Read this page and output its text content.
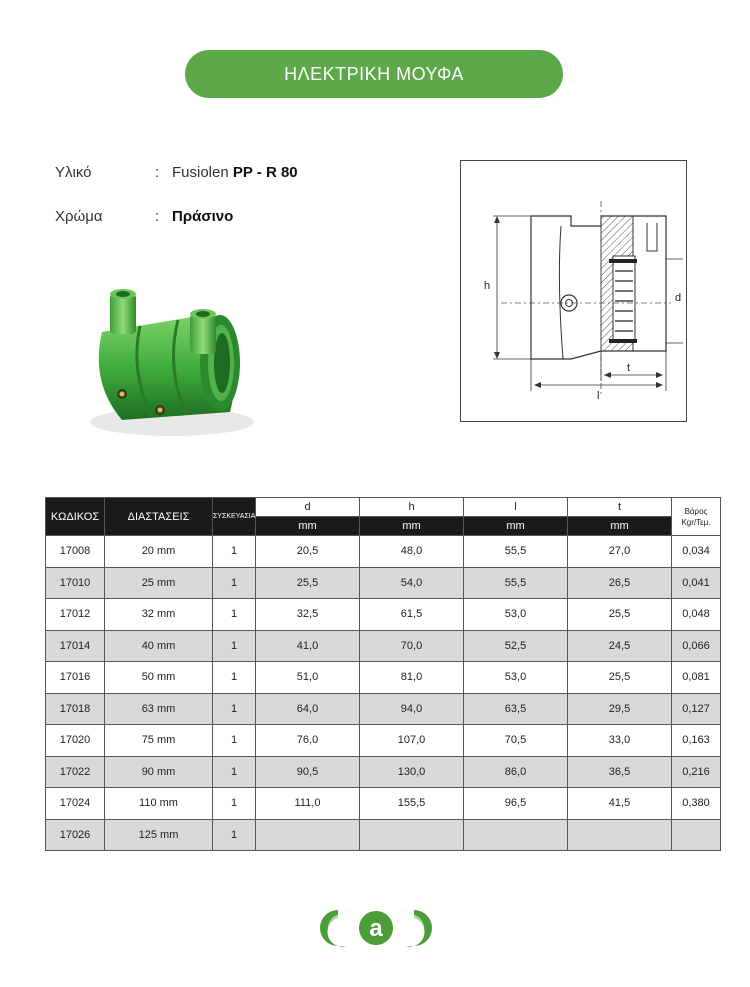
ΗΛΕΚΤΡΙΚΗ ΜΟΥΦΑ
Υλικό	: Fusiolen PP - R 80
Χρώμα	: Πράσινο
h
d
t
l
ΚΩΔΙΚΟΣ	ΔΙΑΣΤΑΣΕΙΣ	ΣΥΣΚΕΥΑΣΙΑ	d	h	l	t	Βάρος
Kgr/Τεμ.
			mm	mm	mm	mm	
17008	20 mm	1	20,5	48,0	55,5	27,0	0,034
17010	25 mm	1	25,5	54,0	55,5	26,5	0,041
17012	32 mm	1	32,5	61,5	53,0	25,5	0,048
17014	40 mm	1	41,0	70,0	52,5	24,5	0,066
17016	50 mm	1	51,0	81,0	53,0	25,5	0,081
17018	63 mm	1	64,0	94,0	63,5	29,5	0,127
17020	75 mm	1	76,0	107,0	70,5	33,0	0,163
17022	90 mm	1	90,5	130,0	86,0	36,5	0,216
17024	110 mm	1	111,0	155,5	96,5	41,5	0,380
17026	125 mm	1					
a
